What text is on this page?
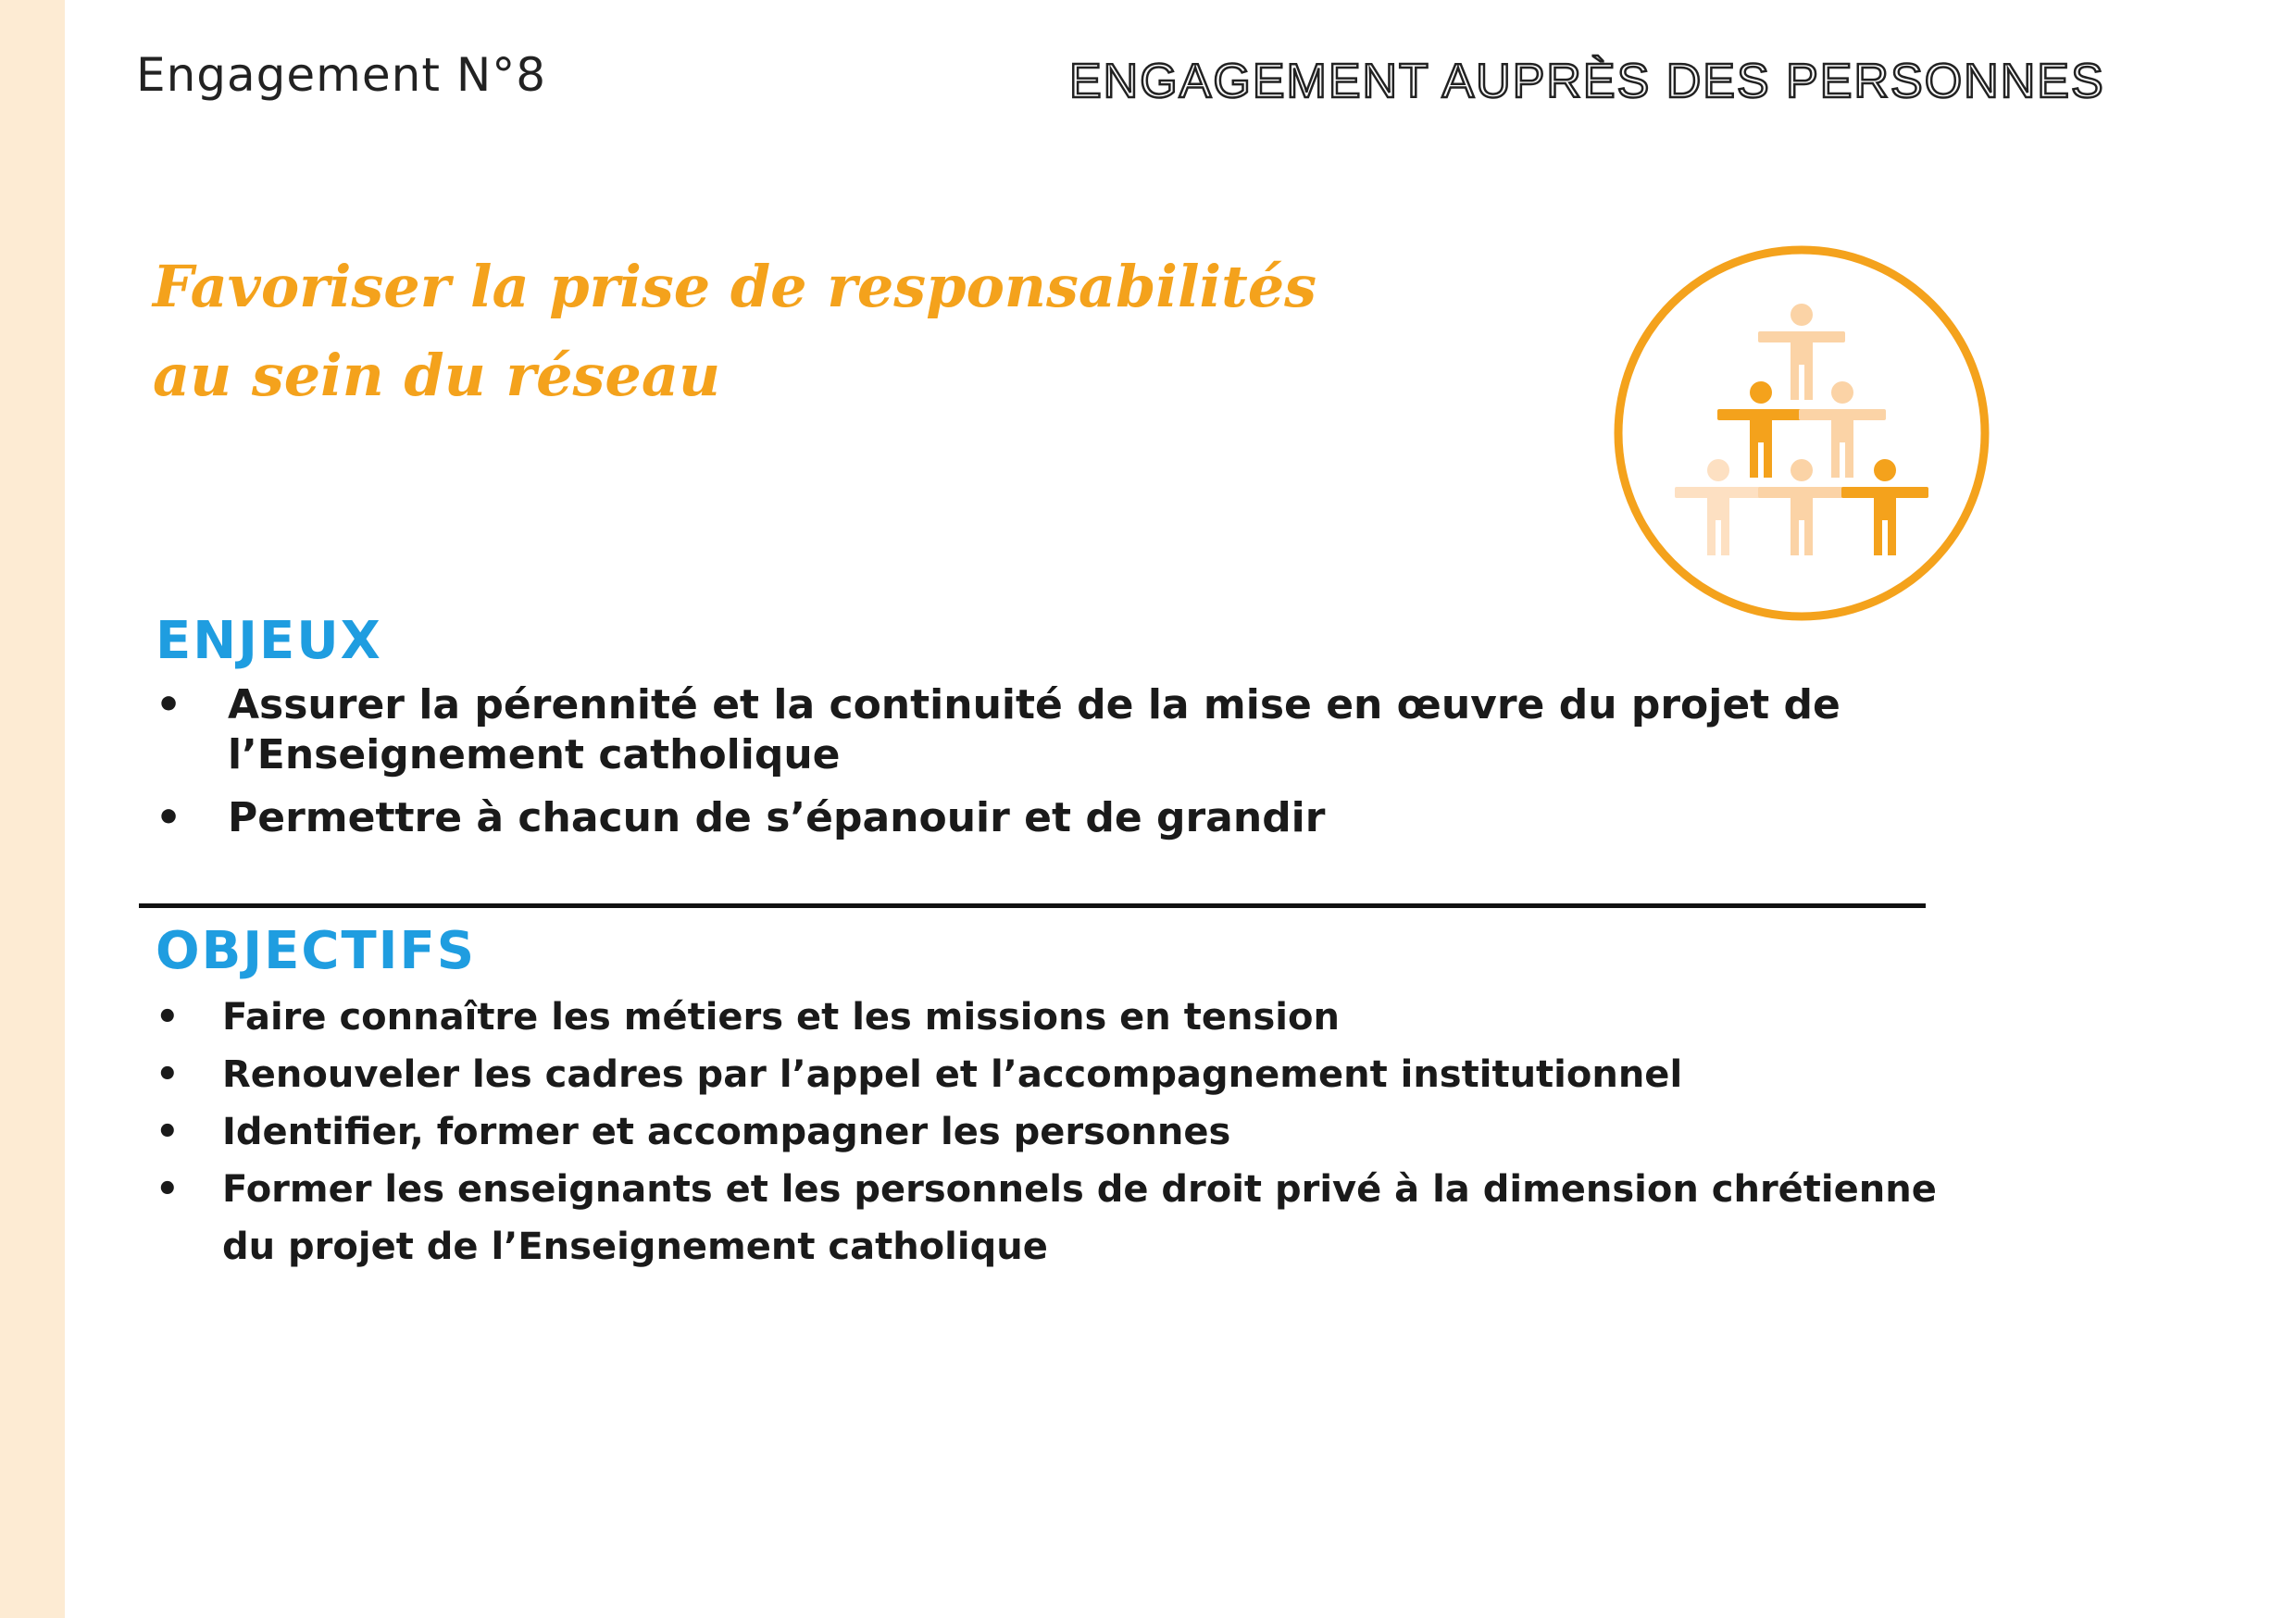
Engagement N°8	ENGAGEMENT AUPRÈS DES PERSONNES
Favoriser la prise de responsabilités
au sein du réseau
ENJEUX
• Assurer la pérennité et la continuité de la mise en œuvre du projet de
l’Enseignement catholique
• Permettre à chacun de s’épanouir et de grandir
OBJECTIFS
• Faire connaître les métiers et les missions en tension
• Renouveler les cadres par l’appel et l’accompagnement institutionnel
• Identifier, former et accompagner les personnes
• Former les enseignants et les personnels de droit privé à la dimension chrétienne
du projet de l’Enseignement catholique
